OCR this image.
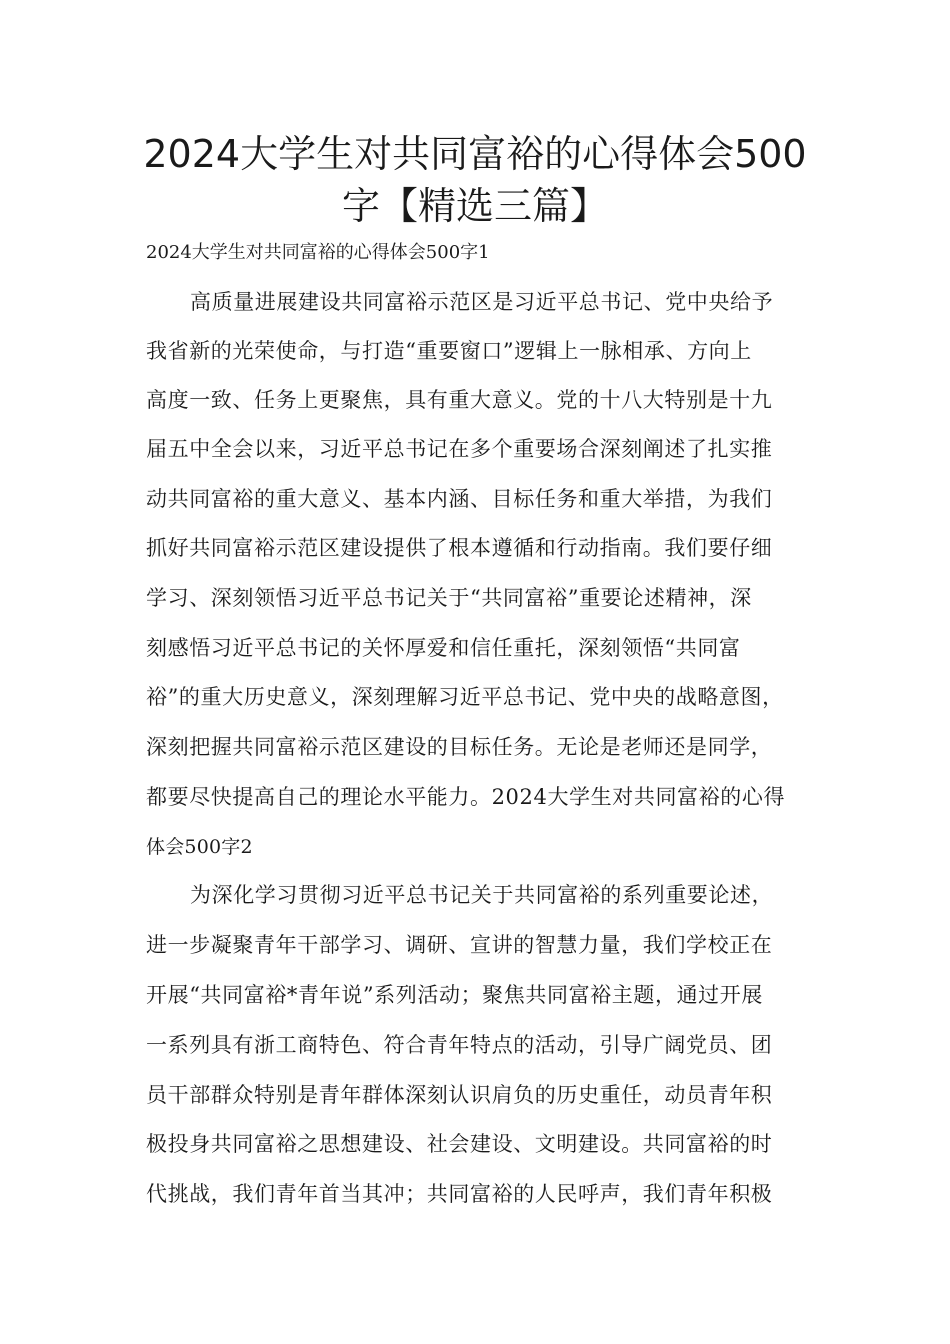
2024大学生对共同富裕的心得体会500
字【精选三篇】
2024大学生对共同富裕的心得体会500字1
高质量进展建设共同富裕示范区是习近平总书记、党中央给予
我省新的光荣使命，与打造“重要窗口”逻辑上一脉相承、方向上
高度一致、任务上更聚焦，具有重大意义。党的十八大特别是十九
届五中全会以来，习近平总书记在多个重要场合深刻阐述了扎实推
动共同富裕的重大意义、基本内涵、目标任务和重大举措，为我们
抓好共同富裕示范区建设提供了根本遵循和行动指南。我们要仔细
学习、深刻领悟习近平总书记关于“共同富裕”重要论述精神，深
刻感悟习近平总书记的关怀厚爱和信任重托，深刻领悟“共同富
裕”的重大历史意义，深刻理解习近平总书记、党中央的战略意图，
深刻把握共同富裕示范区建设的目标任务。无论是老师还是同学，
都要尽快提高自己的理论水平能力。2024大学生对共同富裕的心得
体会500字2
为深化学习贯彻习近平总书记关于共同富裕的系列重要论述，
进一步凝聚青年干部学习、调研、宣讲的智慧力量，我们学校正在
开展“共同富裕*青年说”系列活动；聚焦共同富裕主题，通过开展
一系列具有浙工商特色、符合青年特点的活动，引导广阔党员、团
员干部群众特别是青年群体深刻认识肩负的历史重任，动员青年积
极投身共同富裕之思想建设、社会建设、文明建设。共同富裕的时
代挑战，我们青年首当其冲；共同富裕的人民呼声，我们青年积极
